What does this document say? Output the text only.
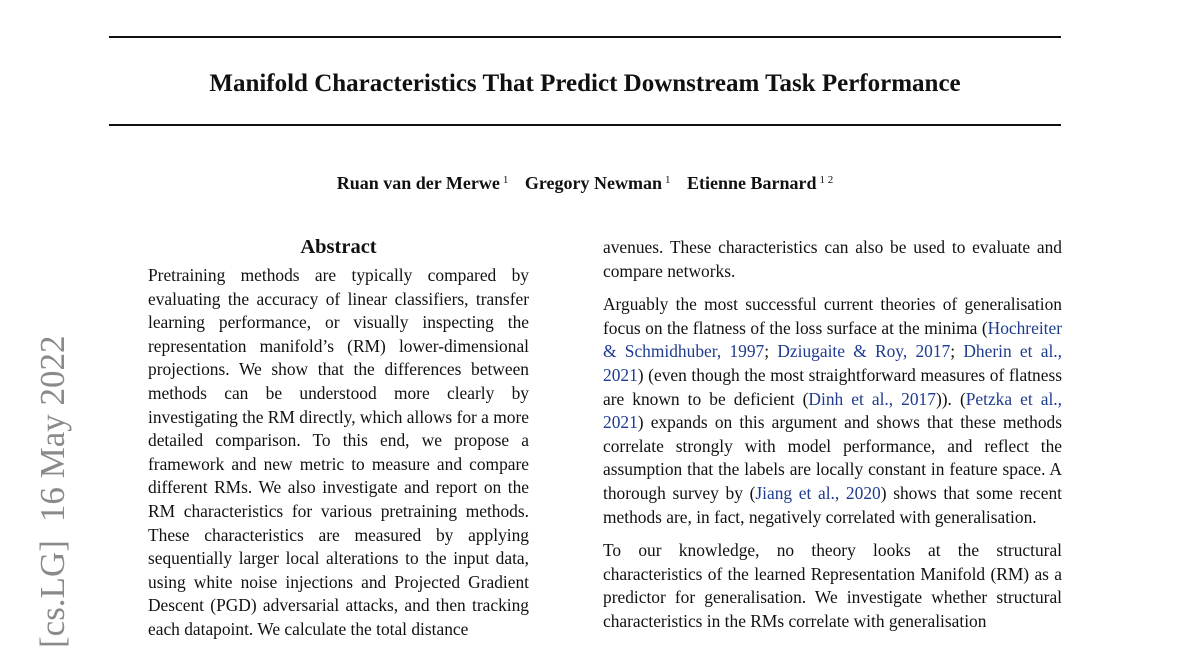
[cs.LG]16 May 2022
Manifold Characteristics That Predict Downstream Task Performance
Ruan van der Merwe $^1$ Gregory Newman $^1$ Etienne Barnard $^{1 2}$
Abstract

Pretraining methods are typically compared by evaluating the accuracy of linear classifiers, transfer learning performance, or visually inspecting the representation manifold’s (RM) lower-dimensional projections. We show that the differences between methods can be understood more clearly by investigating the RM directly, which allows for a more detailed comparison. To this end, we propose a framework and new metric to measure and compare different RMs. We also investigate and report on the RM characteristics for various pretraining methods. These characteristics are measured by applying sequentially larger local alterations to the input data, using white noise injections and Projected Gradient Descent (PGD) adversarial attacks, and then tracking each datapoint. We calculate the total distance

avenues. These characteristics can also be used to evaluate and compare networks.

Arguably the most successful current theories of generalisation focus on the flatness of the loss surface at the minima (Hochreiter & Schmidhuber, 1997; Dziugaite & Roy, 2017; Dherin et al., 2021) (even though the most straightforward measures of flatness are known to be deficient (Dinh et al., 2017)). (Petzka et al., 2021) expands on this argument and shows that these methods correlate strongly with model performance, and reflect the assumption that the labels are locally constant in feature space. A thorough survey by (Jiang et al., 2020) shows that some recent methods are, in fact, negatively correlated with generalisation.

To our knowledge, no theory looks at the structural characteristics of the learned Representation Manifold (RM) as a predictor for generalisation. We investigate whether structural characteristics in the RMs correlate with generalisation
